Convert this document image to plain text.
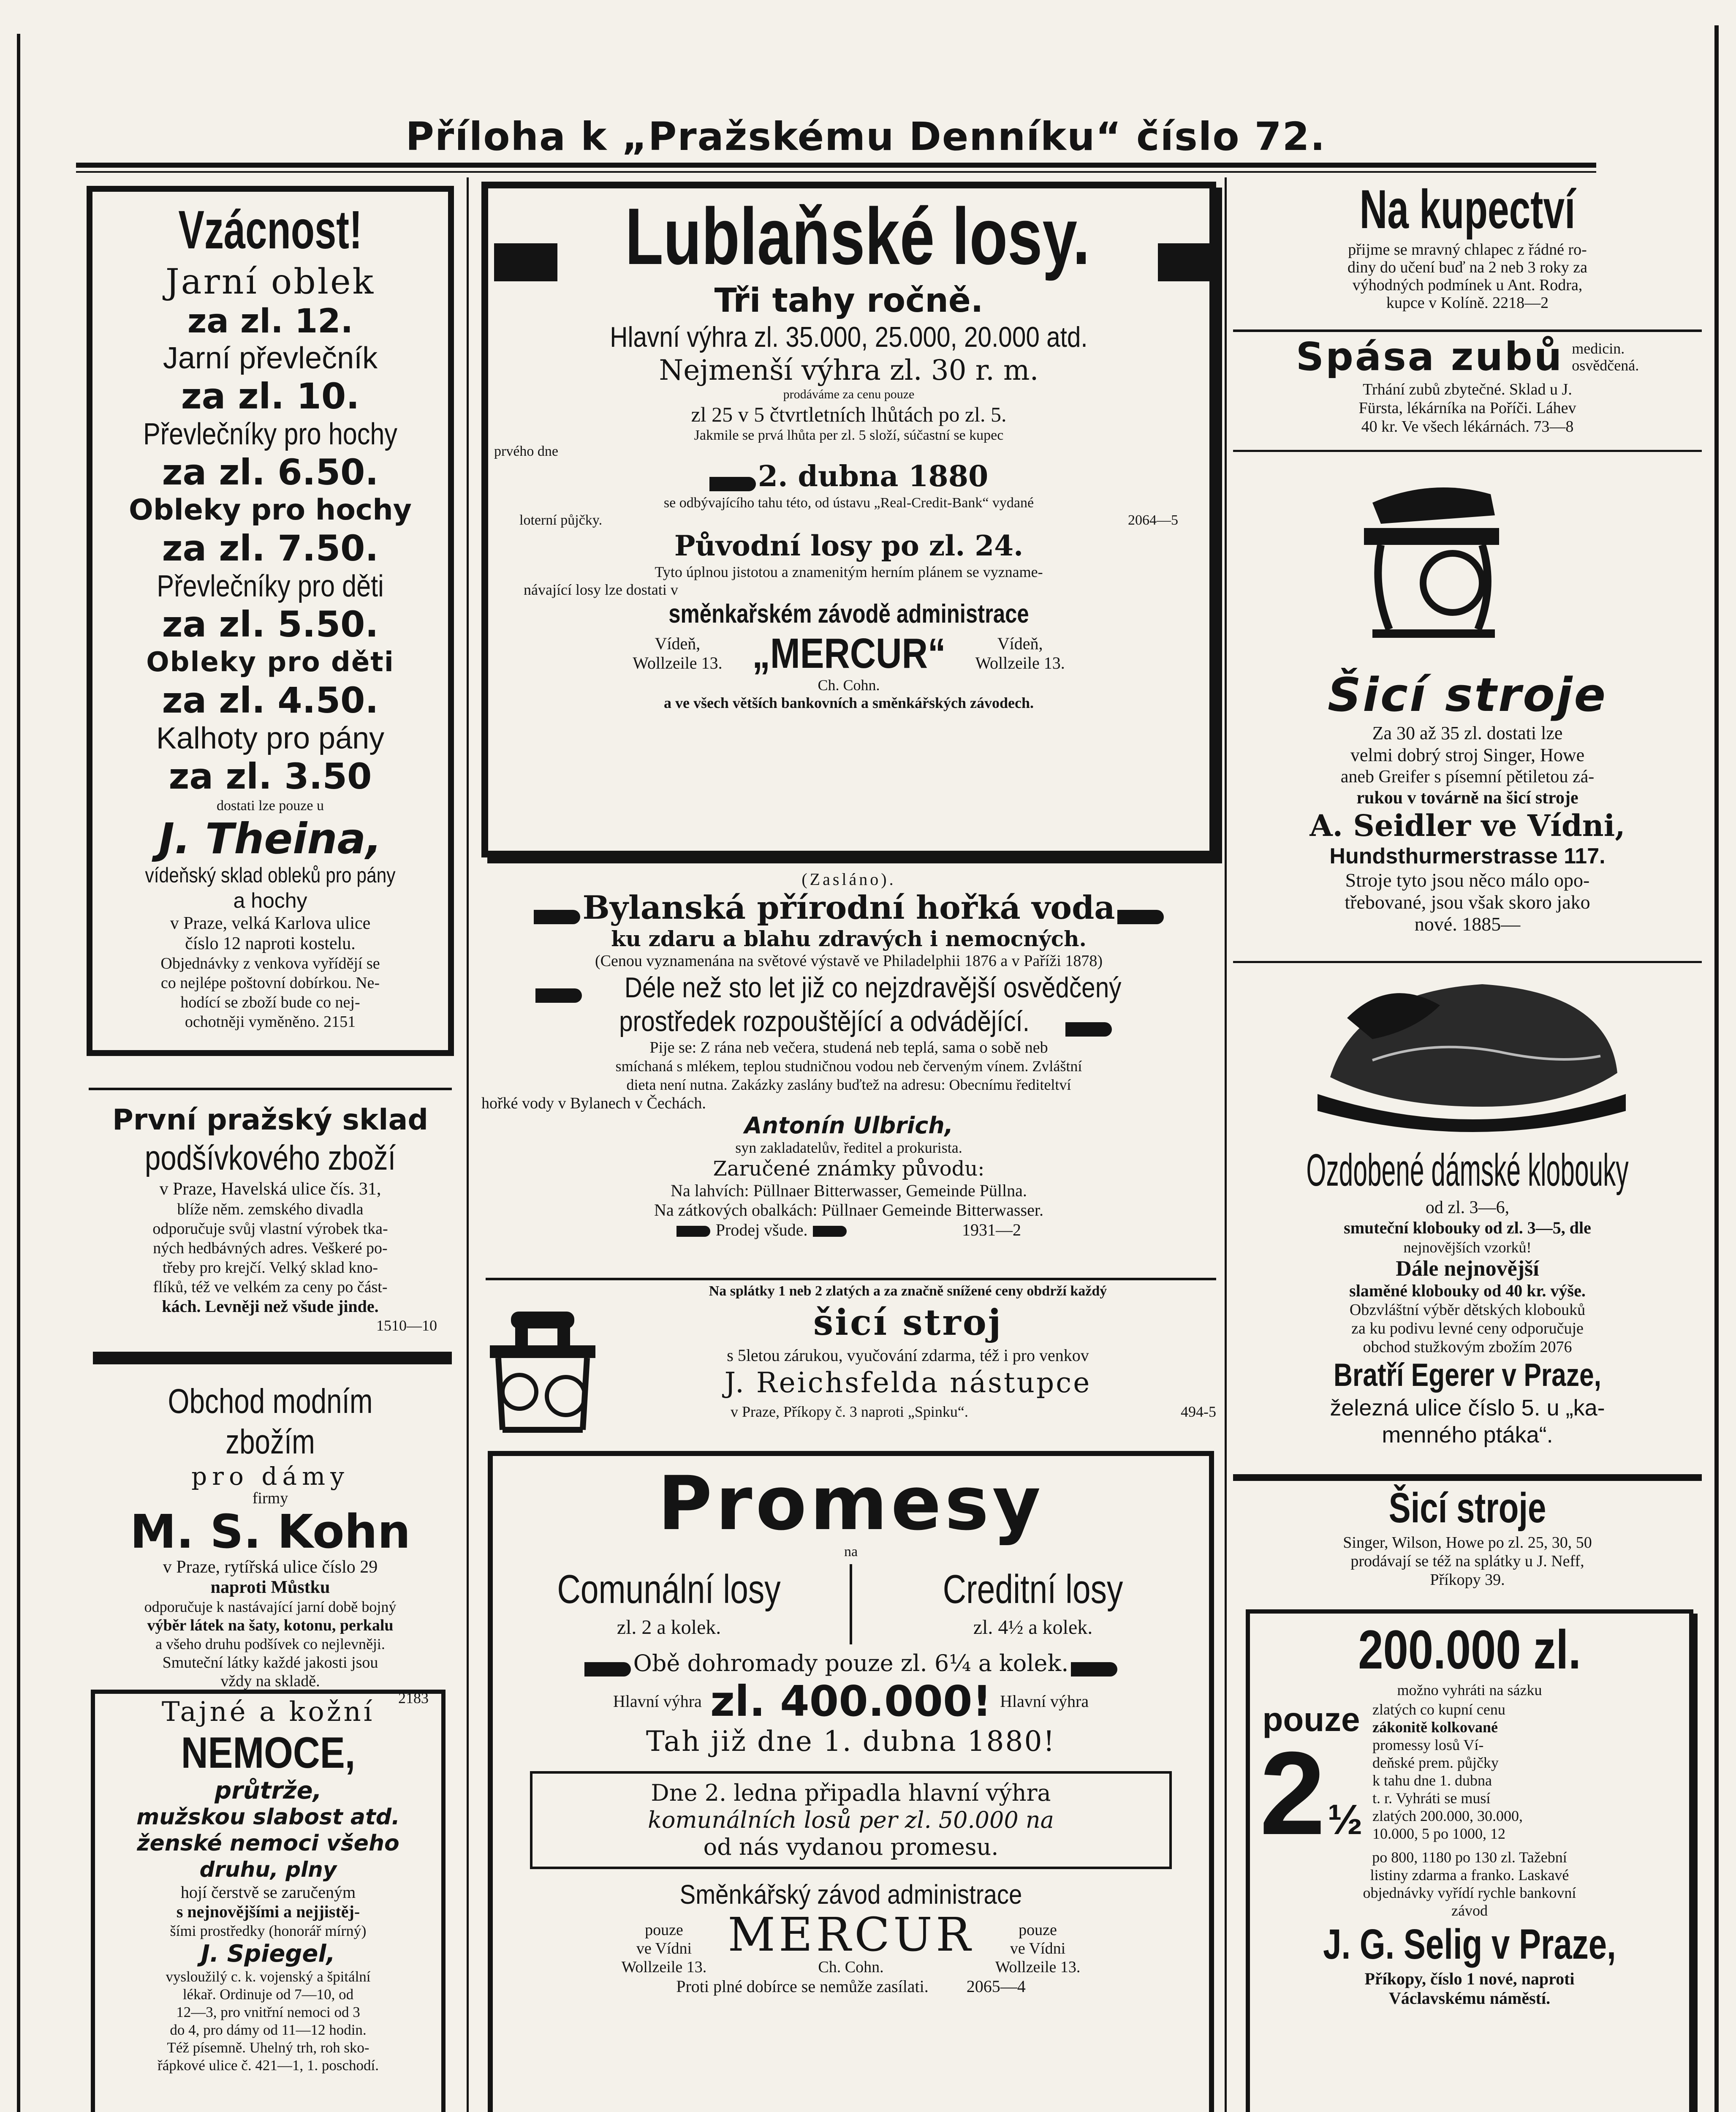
Příloha k „Pražskému Denníku“ číslo 72.
Vzácnost!
Jarní oblek
za zl. 12.
Jarní převlečník
za zl. 10.
Převlečníky pro hochy
za zl. 6.50.
Obleky pro hochy
za zl. 7.50.
Převlečníky pro děti
za zl. 5.50.
Obleky pro děti
za zl. 4.50.
Kalhoty pro pány
za zl. 3.50
dostati lze pouze u
J. Theina,
vídeňský sklad obleků pro pány
a hochy
v Praze, velká Karlova ulice
číslo 12 naproti kostelu.
Objednávky z venkova vyřídějí se
co nejlépe poštovní dobírkou. Ne-
hodící se zboží bude co nej-
ochotněji vyměněno. 2151
První pražský sklad
podšívkového zboží
v Praze, Havelská ulice čís. 31,
blíže něm. zemského divadla
odporučuje svůj vlastní výrobek tka-
ných hedbávných adres. Veškeré po-
třeby pro krejčí. Velký sklad kno-
flíků, též ve velkém za ceny po část-
kách. Levněji než všude jinde.
1510—10
Obchod modním zbožím
pro dámy
firmy
M. S. Kohn
v Praze, rytířská ulice číslo 29
naproti Můstku
odporučuje k nastávající jarní době bojný
výběr látek na šaty, kotonu, perkalu
a všeho druhu podšívek co nejlevněji.
Smuteční látky každé jakosti jsou
vždy na skladě.
2183
Tajné a kožní
NEMOCE,
průtrže,
mužskou slabost atd.
ženské nemoci všeho
druhu, plny
hojí čerstvě se zaručeným
s nejnovějšími a nejjistěj-
šími prostředky (honorář mírný)
J. Spiegel,
vysloužilý c. k. vojenský a špitální
lékař. Ordinuje od 7—10, od
12—3, pro vnitřní nemoci od 3
do 4, pro dámy od 11—12 hodin.
Též písemně. Uhelný trh, roh sko-
řápkové ulice č. 421—1, 1. poschodí.
Lublaňské losy.
Tři tahy ročně.
Hlavní výhra zl. 35.000, 25.000, 20.000 atd.
Nejmenší výhra zl. 30 r. m.
prodáváme za cenu pouze
zl 25 v 5 čtvrtletních lhůtách po zl. 5.
Jakmile se prvá lhůta per zl. 5 složí, súčastní se kupec
prvého dne
2. dubna 1880
se odbývajícího tahu této, od ústavu „Real-Credit-Bank“ vydané
loterní půjčky.	2064—5
Původní losy po zl. 24.
Tyto úplnou jistotou a znamenitým herním plánem se vyzname-
návající losy lze dostati v
směnkařském závodě administrace
Vídeň,
Wollzeile 13. „MERCUR“	Vídeň,
Wollzeile 13.
Ch. Cohn.
a ve všech větších bankovních a směnkářských závodech.
(Zasláno).
Bylanská přírodní hořká voda
ku zdaru a blahu zdravých i nemocných.
(Cenou vyznamenána na světové výstavě ve Philadelphii 1876 a v Paříži 1878)
Déle než sto let již co nejzdravější osvědčený
prostředek rozpouštějící a odvádějící.
Pije se: Z rána neb večera, studená neb teplá, sama o sobě neb
smíchaná s mlékem, teplou studničnou vodou neb červeným vínem. Zvláštní
dieta není nutna. Zakázky zaslány buďtež na adresu: Obecnímu řediteltví
hořké vody v Bylanech v Čechách.
Antonín Ulbrich,
syn zakladatelův, ředitel a prokurista.
Zaručené známky původu:
Na lahvích: Püllnaer Bitterwasser, Gemeinde Püllna.
Na zátkových obalkách: Püllnaer Gemeinde Bitterwasser.
Prodej všude.	1931—2
Na splátky 1 neb 2 zlatých a za značně snížené ceny obdrží každý
šicí stroj
s 5letou zárukou, vyučování zdarma, též i pro venkov
J. Reichsfelda nástupce
v Praze, Příkopy č. 3 naproti „Spinku“.	494-5
Promesy
na
Comunální losy
zl. 2 a kolek.
Creditní losy
zl. 4½ a kolek.
Obě dohromady pouze zl. 6¼ a kolek.
Hlavní výhra zl. 400.000! Hlavní výhra
Tah již dne 1. dubna 1880!
Dne 2. ledna připadla hlavní výhra
komunálních losů per zl. 50.000 na
od nás vydanou promesu.
Směnkářský závod administrace
pouze
ve Vídni
Wollzeile 13.
MERCUR
Ch. Cohn.
pouze
ve Vídni
Wollzeile 13.
Proti plné dobírce se nemůže zasílati. 2065—4
Na kupectví
přijme se mravný chlapec z řádné ro-
diny do učení buď na 2 neb 3 roky za
výhodných podmínek u Ant. Rodra,
kupce v Kolíně. 2218—2
Spása zubů medicin.
osvědčená.
Trhání zubů zbytečné. Sklad u J.
Fürsta, lékárníka na Poříči. Láhev
40 kr. Ve všech lékárnách. 73—8
Šicí stroje
Za 30 až 35 zl. dostati lze
velmi dobrý stroj Singer, Howe
aneb Greifer s písemní pětiletou zá-
rukou v továrně na šicí stroje
A. Seidler ve Vídni,
Hundsthurmerstrasse 117.
Stroje tyto jsou něco málo opo-
třebované, jsou však skoro jako
nové. 1885—
Ozdobené dámské klobouky
od zl. 3—6,
smuteční klobouky od zl. 3—5, dle
nejnovějších vzorků!
Dále nejnovější
slaměné klobouky od 40 kr. výše.
Obzvláštní výběr dětských klobouků
za ku podivu levné ceny odporučuje
obchod stužkovým zbožím 2076
Bratří Egerer v Praze,
železná ulice číslo 5. u „ka-
menného ptáka“.
Šicí stroje
Singer, Wilson, Howe po zl. 25, 30, 50
prodávají se též na splátky u J. Neff,
Příkopy 39.
200.000 zl.
možno vyhráti na sázku
pouze
2 ½
zlatých co kupní cenu
zákonitě kolkované
promessy losů Ví-
deňské prem. půjčky
k tahu dne 1. dubna
t. r. Vyhráti se musí
zlatých 200.000, 30.000,
10.000, 5 po 1000, 12
po 800, 1180 po 130 zl. Tažební
listiny zdarma a franko. Laskavé
objednávky vyřídí rychle bankovní
závod
J. G. Selig v Praze,
Příkopy, číslo 1 nové, naproti
Václavskému náměstí.
